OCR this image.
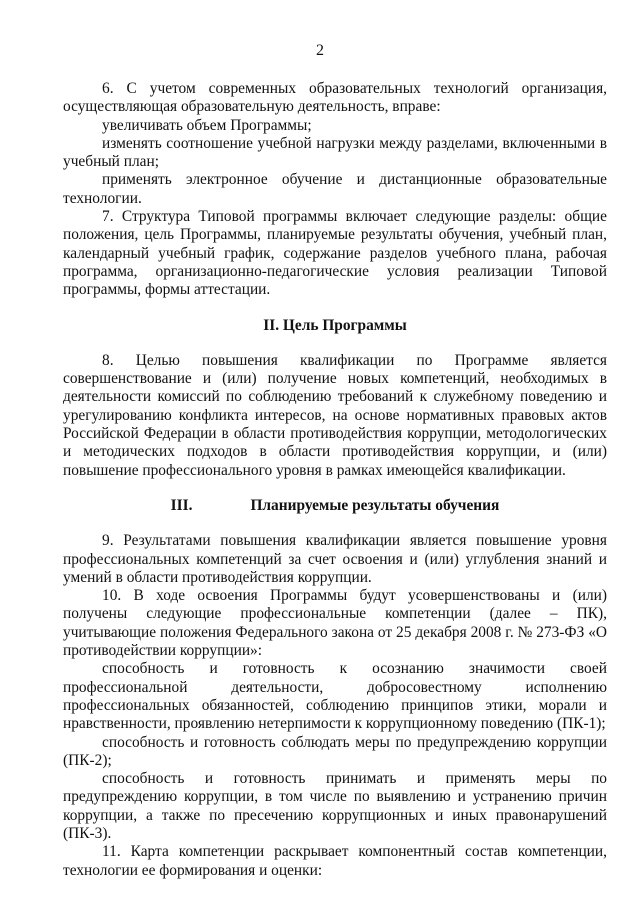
2

6. С учетом современных образовательных технологий организация, осуществляющая образовательную деятельность, вправе:

увеличивать объем Программы;

изменять соотношение учебной нагрузки между разделами, включенными в учебный план;

применять электронное обучение и дистанционные образовательные технологии.

7. Структура Типовой программы включает следующие разделы: общие положения, цель Программы, планируемые результаты обучения, учебный план, календарный учебный график, содержание разделов учебного плана, рабочая программа, организационно-педагогические условия реализации Типовой программы, формы аттестации.

II. Цель Программы

8. Целью повышения квалификации по Программе является совершенствование и (или) получение новых компетенций, необходимых в деятельности комиссий по соблюдению требований к служебному поведению и урегулированию конфликта интересов, на основе нормативных правовых актов Российской Федерации в области противодействия коррупции, методологических и методических подходов в области противодействия коррупции, и (или) повышение профессионального уровня в рамках имеющейся квалификации.

III.	Планируемые результаты обучения

9. Результатами повышения квалификации является повышение уровня профессиональных компетенций за счет освоения и (или) углубления знаний и умений в области противодействия коррупции.

10. В ходе освоения Программы будут усовершенствованы и (или) получены следующие профессиональные компетенции (далее – ПК), учитывающие положения Федерального закона от 25 декабря 2008 г. № 273-ФЗ «О противодействии коррупции»:

способность и готовность к осознанию значимости своей профессиональной деятельности, добросовестному исполнению профессиональных обязанностей, соблюдению принципов этики, морали и нравственности, проявлению нетерпимости к коррупционному поведению (ПК-1);

способность и готовность соблюдать меры по предупреждению коррупции (ПК-2);

способность и готовность принимать и применять меры по предупреждению коррупции, в том числе по выявлению и устранению причин коррупции, а также по пресечению коррупционных и иных правонарушений (ПК-3).

11. Карта компетенции раскрывает компонентный состав компетенции, технологии ее формирования и оценки:
